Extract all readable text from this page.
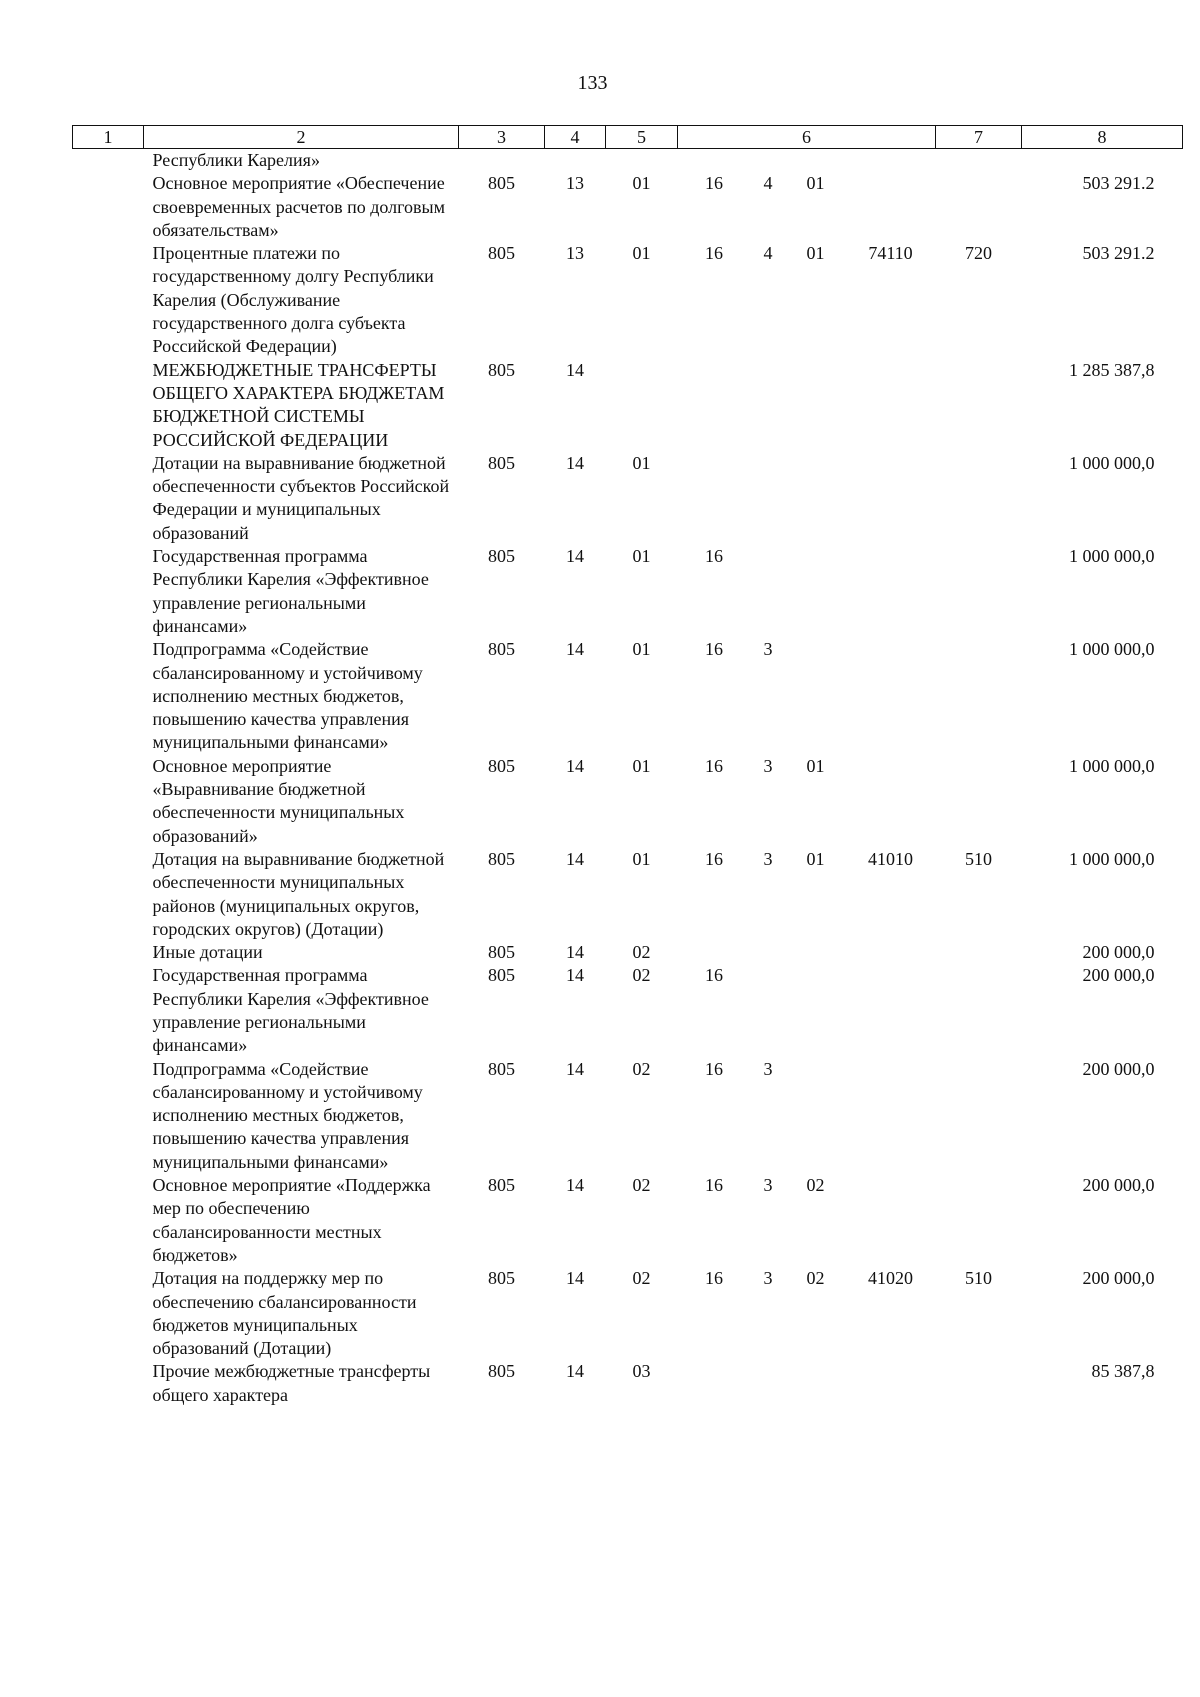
133
1	2	3	4	5	6				7	8
	Республики Карелия»									
	Основное мероприятие «Обеспечение своевременных расчетов по долговым обязательствам»	805	13	01	16	4	01			503 291.2
	Процентные платежи по государственному долгу Республики Карелия (Обслуживание государственного долга субъекта Российской Федерации)	805	13	01	16	4	01	74110	720	503 291.2
	МЕЖБЮДЖЕТНЫЕ ТРАНСФЕРТЫ ОБЩЕГО ХАРАКТЕРА БЮДЖЕТАМ БЮДЖЕТНОЙ СИСТЕМЫ РОССИЙСКОЙ ФЕДЕРАЦИИ	805	14							1 285 387,8
	Дотации на выравнивание бюджетной обеспеченности субъектов Российской Федерации и муниципальных образований	805	14	01						1 000 000,0
	Государственная программа Республики Карелия «Эффективное управление региональными финансами»	805	14	01	16					1 000 000,0
	Подпрограмма «Содействие сбалансированному и устойчивому исполнению местных бюджетов, повышению качества управления муниципальными финансами»	805	14	01	16	3				1 000 000,0
	Основное мероприятие «Выравнивание бюджетной обеспеченности муниципальных образований»	805	14	01	16	3	01			1 000 000,0
	Дотация на выравнивание бюджетной обеспеченности муниципальных районов (муниципальных округов, городских округов) (Дотации)	805	14	01	16	3	01	41010	510	1 000 000,0
	Иные дотации	805	14	02						200 000,0
	Государственная программа Республики Карелия «Эффективное управление региональными финансами»	805	14	02	16					200 000,0
	Подпрограмма «Содействие сбалансированному и устойчивому исполнению местных бюджетов, повышению качества управления муниципальными финансами»	805	14	02	16	3				200 000,0
	Основное мероприятие «Поддержка мер по обеспечению сбалансированности местных бюджетов»	805	14	02	16	3	02			200 000,0
	Дотация на поддержку мер по обеспечению сбалансированности бюджетов муниципальных образований (Дотации)	805	14	02	16	3	02	41020	510	200 000,0
	Прочие межбюджетные трансферты общего характера	805	14	03						85 387,8
